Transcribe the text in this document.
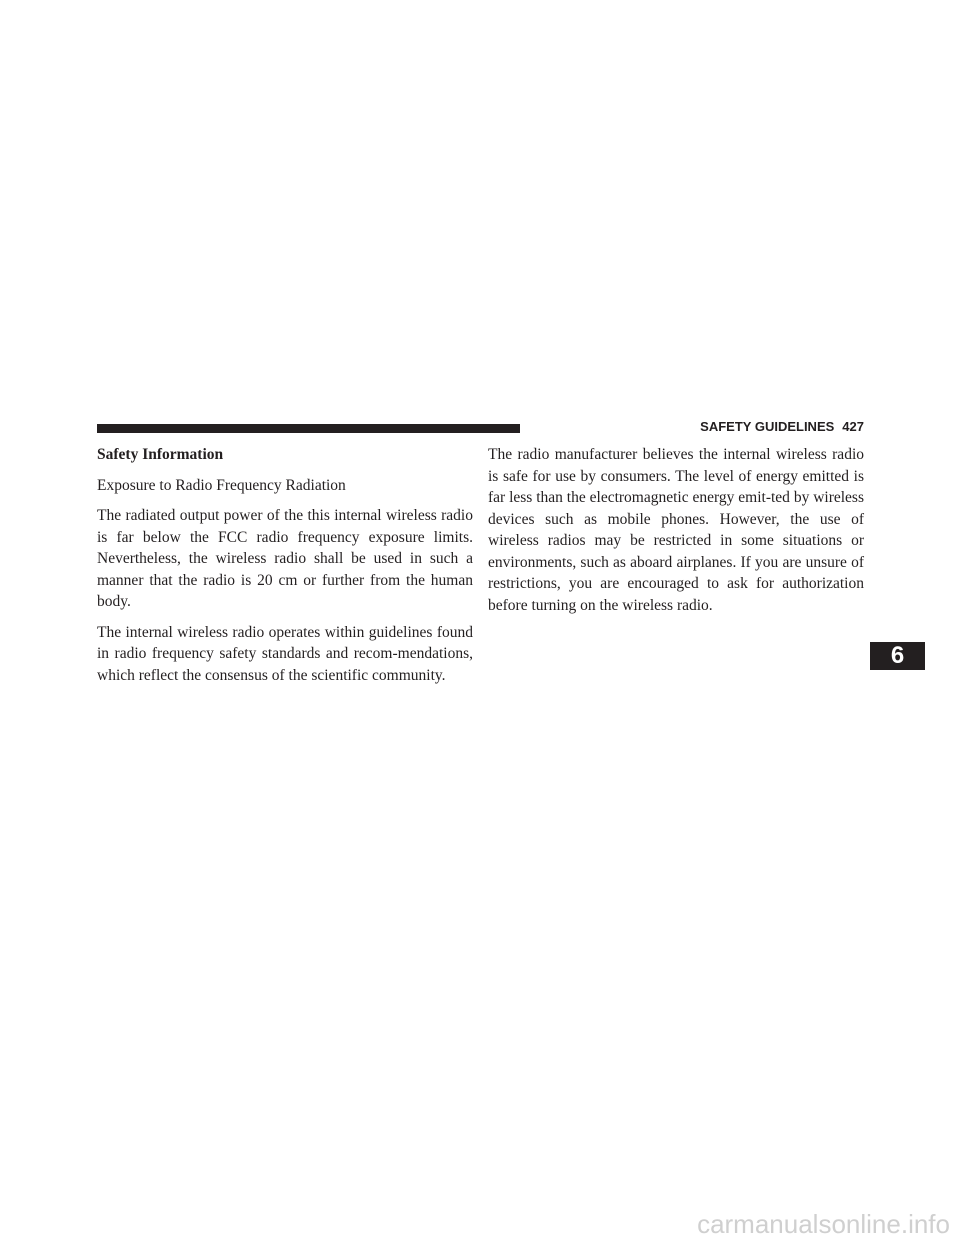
SAFETY GUIDELINES 427

Safety Information

Exposure to Radio Frequency Radiation

The radiated output power of the this internal wireless radio is far below the FCC radio frequency exposure limits. Nevertheless, the wireless radio shall be used in such a manner that the radio is 20 cm or further from the human body.

The internal wireless radio operates within guidelines found in radio frequency safety standards and recom-mendations, which reflect the consensus of the scientific community.

The radio manufacturer believes the internal wireless radio is safe for use by consumers. The level of energy emitted is far less than the electromagnetic energy emit-ted by wireless devices such as mobile phones. However, the use of wireless radios may be restricted in some situations or environments, such as aboard airplanes. If you are unsure of restrictions, you are encouraged to ask for authorization before turning on the wireless radio.

6
carmanualsonline.info
